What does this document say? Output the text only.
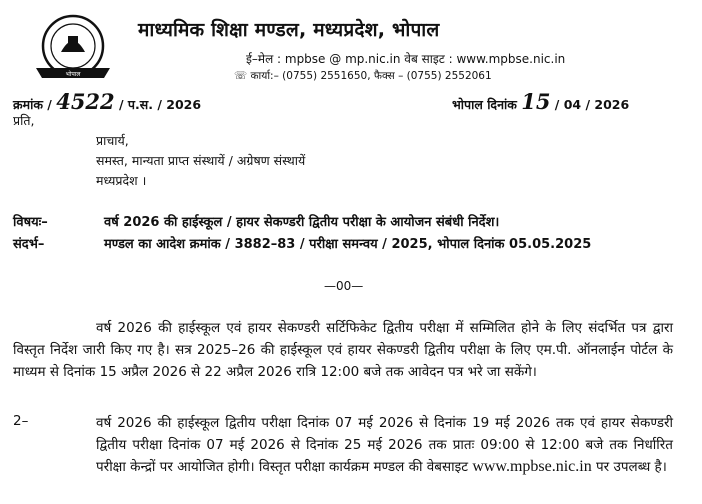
भोपाल
माध्यमिक शिक्षा मण्डल, मध्यप्रदेश, भोपाल
ई–मेल : mpbse @ mp.nic.in वेब साइट : www.mpbse.nic.in
☏ कार्या:– (0755) 2551650, फैक्स – (0755) 2552061
क्रमांक / 4522 / प.स. / 2026	भोपाल दिनांक 15 / 04 / 2026
प्रति,
प्राचार्य,
समस्त, मान्यता प्राप्त संस्थायें / अग्रेषण संस्थायें
मध्यप्रदेश ।
विषयः–	वर्ष 2026 की हाईस्कूल / हायर सेकण्डरी द्वितीय परीक्षा के आयोजन संबंधी निर्देश।
संदर्भ–	मण्डल का आदेश क्रमांक / 3882–83 / परीक्षा समन्वय / 2025, भोपाल दिनांक 05.05.2025
—00—
वर्ष 2026 की हाईस्कूल एवं हायर सेकण्डरी सर्टिफिकेट द्वितीय परीक्षा में सम्मिलित होने के लिए संदर्भित पत्र द्वारा विस्तृत निर्देश जारी किए गए है। सत्र 2025–26 की हाईस्कूल एवं हायर सेकण्डरी द्वितीय परीक्षा के लिए एम.पी. ऑनलाईन पोर्टल के माध्यम से दिनांक 15 अप्रैल 2026 से 22 अप्रैल 2026 रात्रि 12:00 बजे तक आवेदन पत्र भरे जा सकेंगे।
2–	वर्ष 2026 की हाईस्कूल द्वितीय परीक्षा दिनांक 07 मई 2026 से दिनांक 19 मई 2026 तक एवं हायर सेकण्डरी द्वितीय परीक्षा दिनांक 07 मई 2026 से दिनांक 25 मई 2026 तक प्रातः 09:00 से 12:00 बजे तक निर्धारित परीक्षा केन्द्रों पर आयोजित होगी। विस्तृत परीक्षा कार्यक्रम मण्डल की वेबसाइट www.mpbse.nic.in पर उपलब्ध है।
